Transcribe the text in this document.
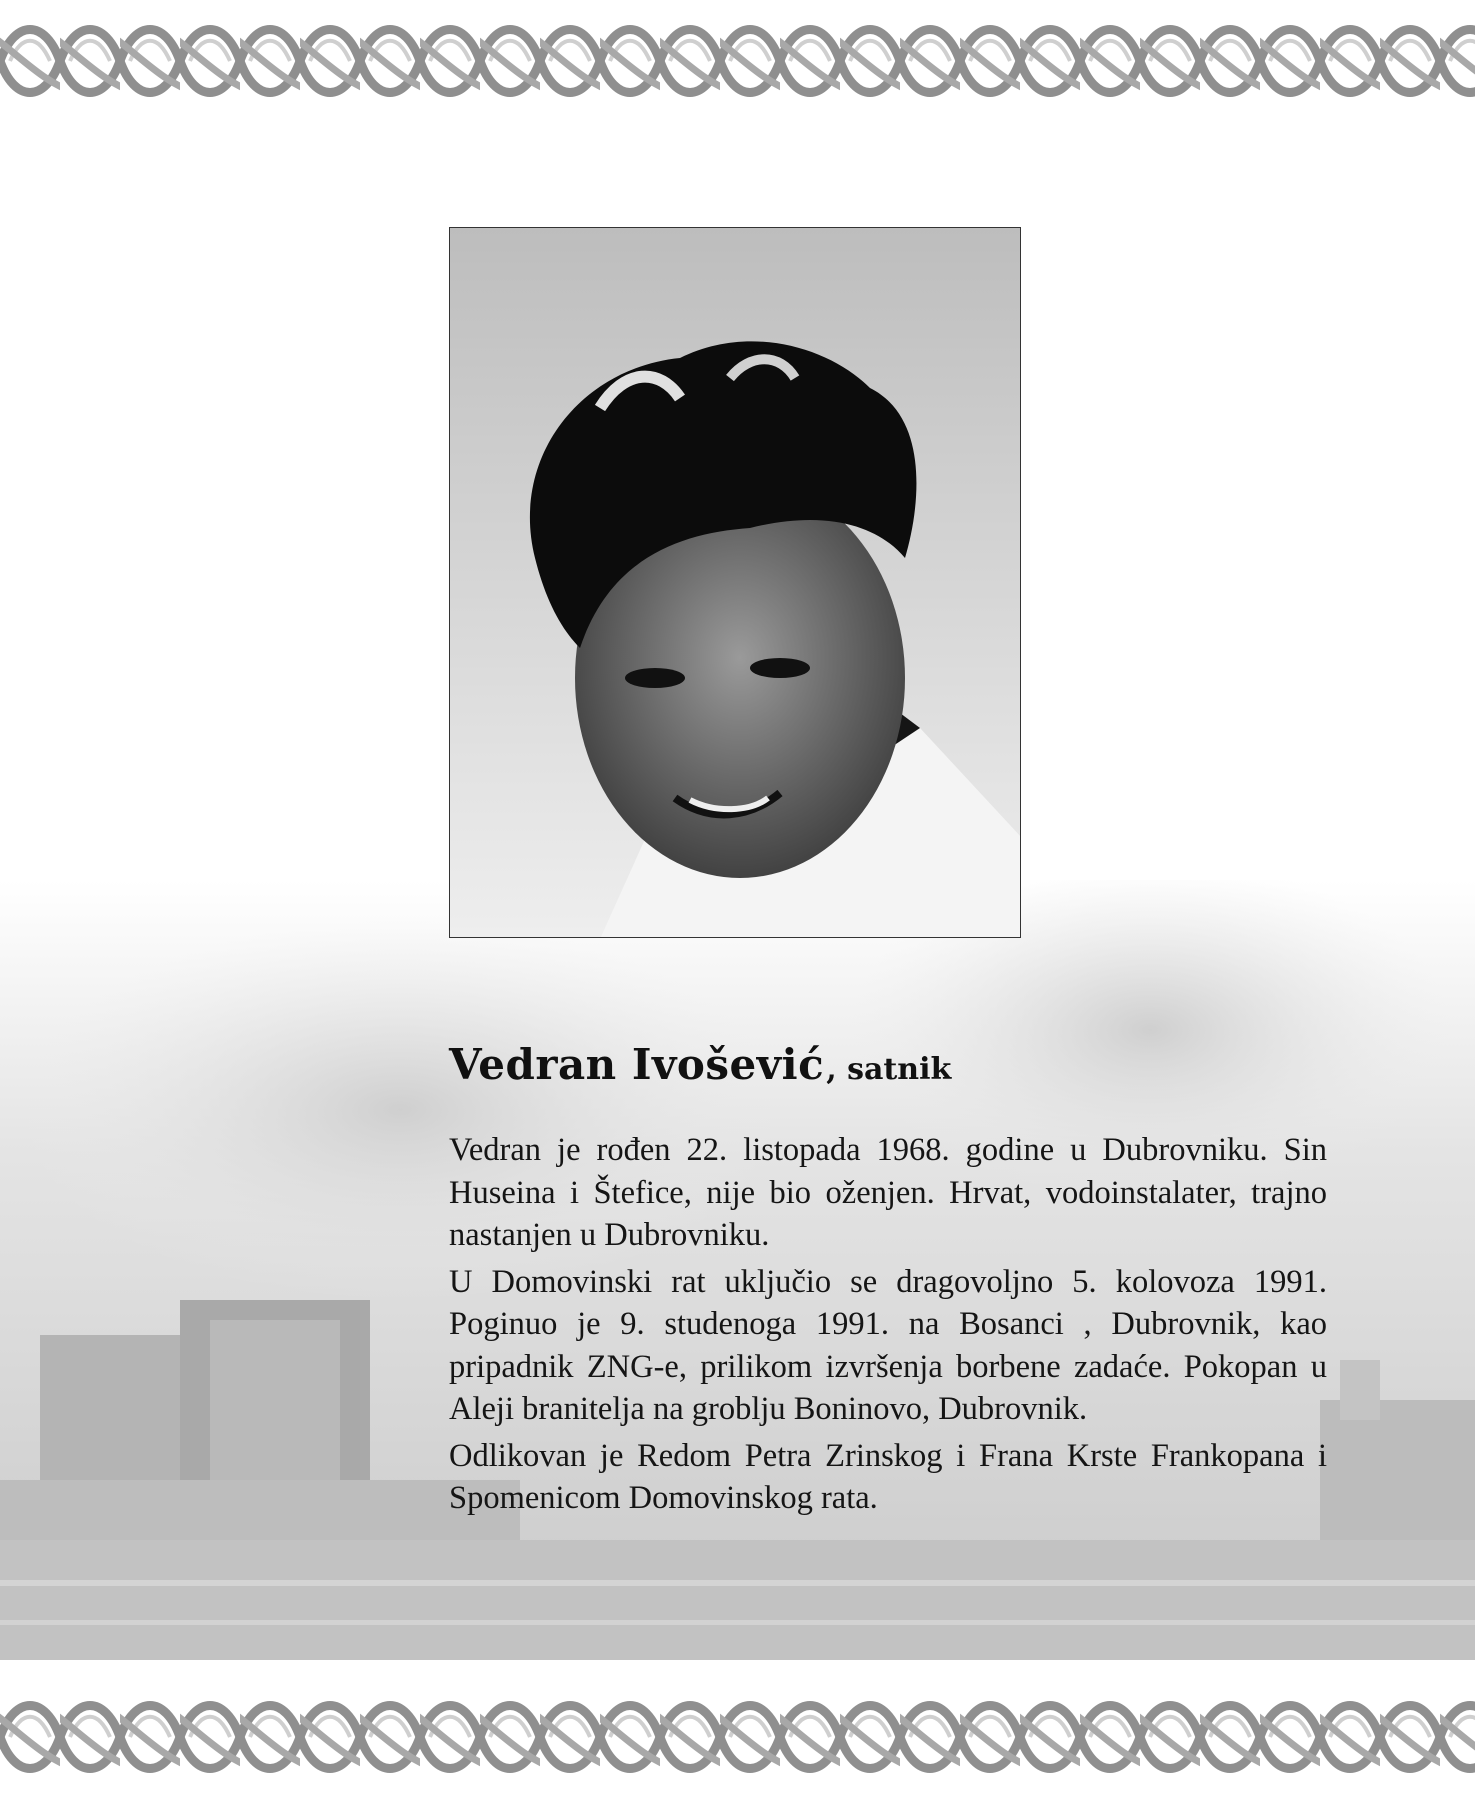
Vedran Ivošević, satnik

Vedran je rođen 22. listopada 1968. godine u Dubrovniku. Sin Huseina i Štefice, nije bio oženjen. Hrvat, vodoinstalater, trajno nastanjen u Dubrovniku.

U Domovinski rat uključio se dragovoljno 5. kolovoza 1991. Poginuo je 9. studenoga 1991. na Bosanci , Dubrovnik, kao pripadnik ZNG-e, prilikom izvršenja borbene zadaće. Pokopan u Aleji branitelja na groblju Boninovo, Dubrovnik.

Odlikovan je Redom Petra Zrinskog i Frana Krste Frankopana i Spomenicom Domovinskog rata.
